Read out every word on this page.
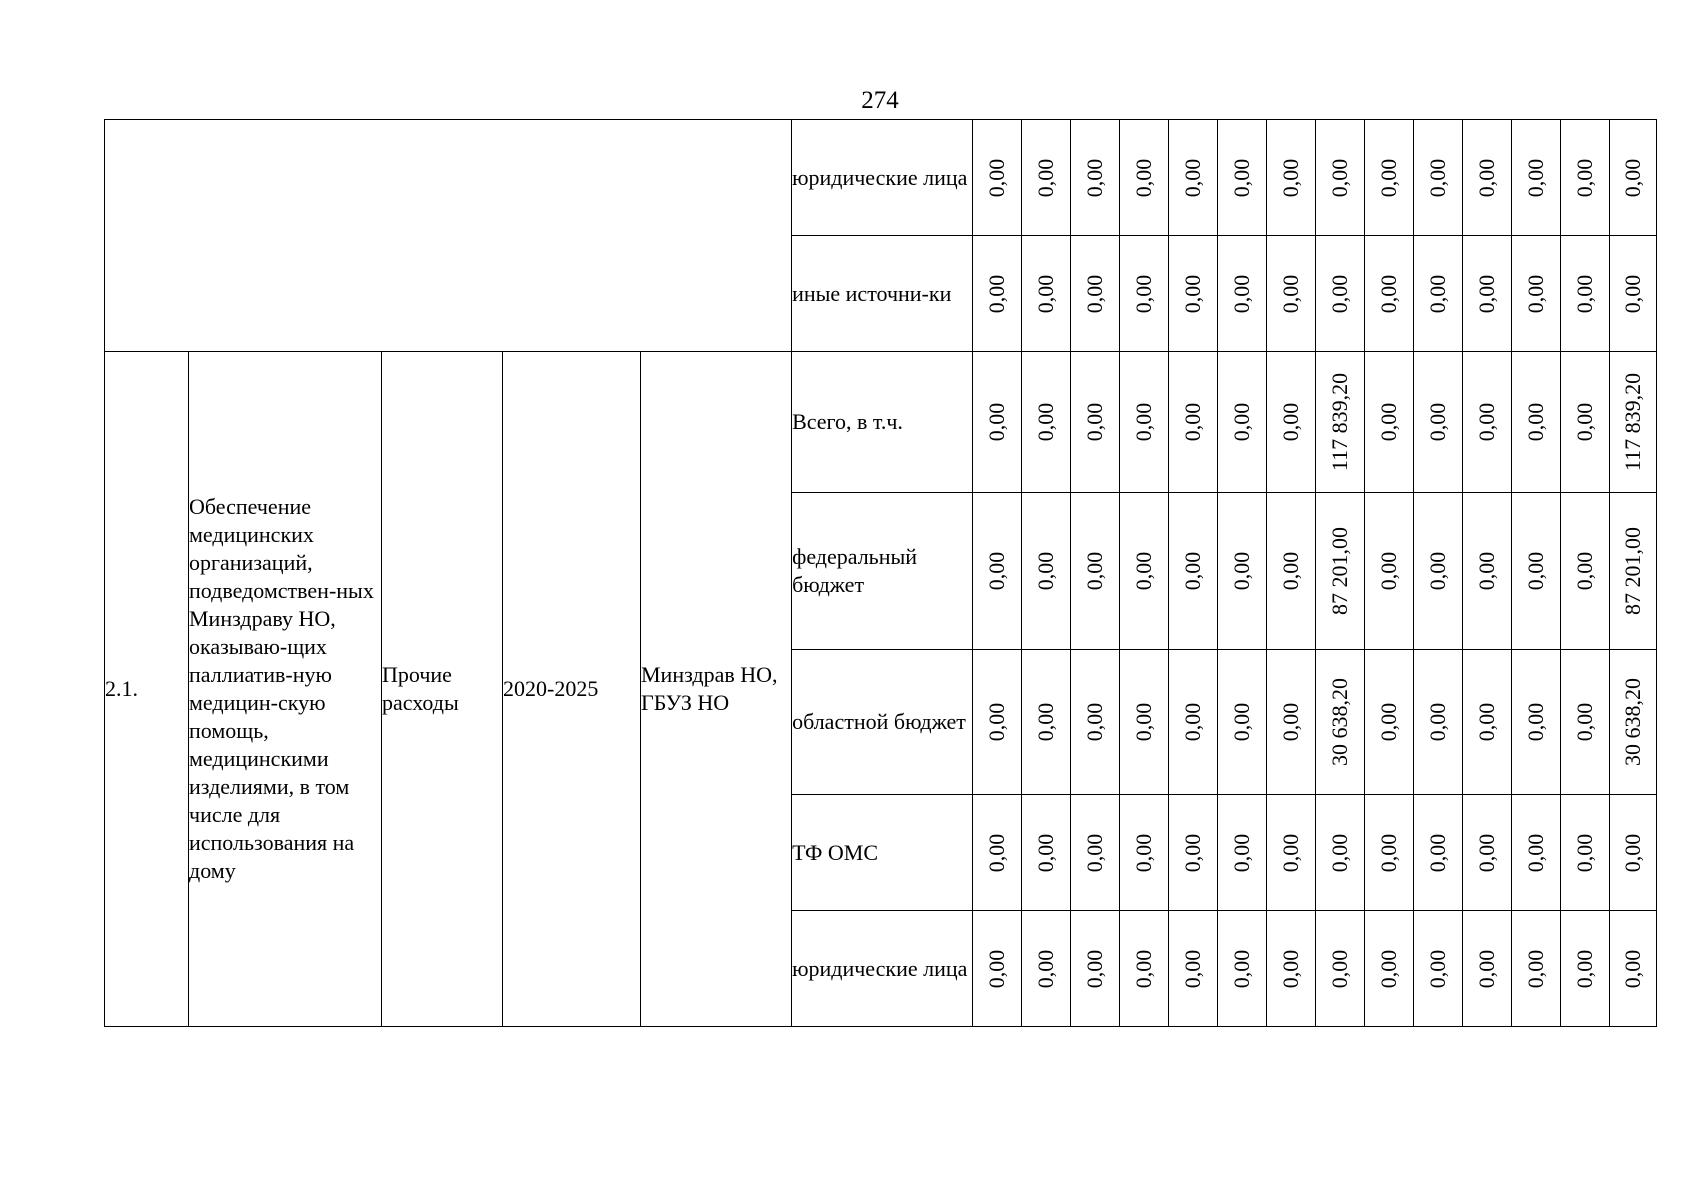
274
					юридические лица	0,00	0,00	0,00	0,00	0,00	0,00	0,00	0,00	0,00	0,00	0,00	0,00	0,00	0,00

					иные источни-ки	0,00	0,00	0,00	0,00	0,00	0,00	0,00	0,00	0,00	0,00	0,00	0,00	0,00	0,00

2.1.	Обеспечение медицинских организаций, подведомствен-ных Минздраву НО, оказываю-щих паллиатив-ную медицин-скую помощь, медицинскими изделиями, в том числе для использования на дому	Прочие расходы	2020-2025	Минздрав НО, ГБУЗ НО	Всего, в т.ч.	0,00	0,00	0,00	0,00	0,00	0,00	0,00	117 839,20	0,00	0,00	0,00	0,00	0,00	117 839,20

					федеральный бюджет	0,00	0,00	0,00	0,00	0,00	0,00	0,00	87 201,00	0,00	0,00	0,00	0,00	0,00	87 201,00

					областной бюджет	0,00	0,00	0,00	0,00	0,00	0,00	0,00	30 638,20	0,00	0,00	0,00	0,00	0,00	30 638,20

					ТФ ОМС	0,00	0,00	0,00	0,00	0,00	0,00	0,00	0,00	0,00	0,00	0,00	0,00	0,00	0,00

					юридические лица	0,00	0,00	0,00	0,00	0,00	0,00	0,00	0,00	0,00	0,00	0,00	0,00	0,00	0,00
